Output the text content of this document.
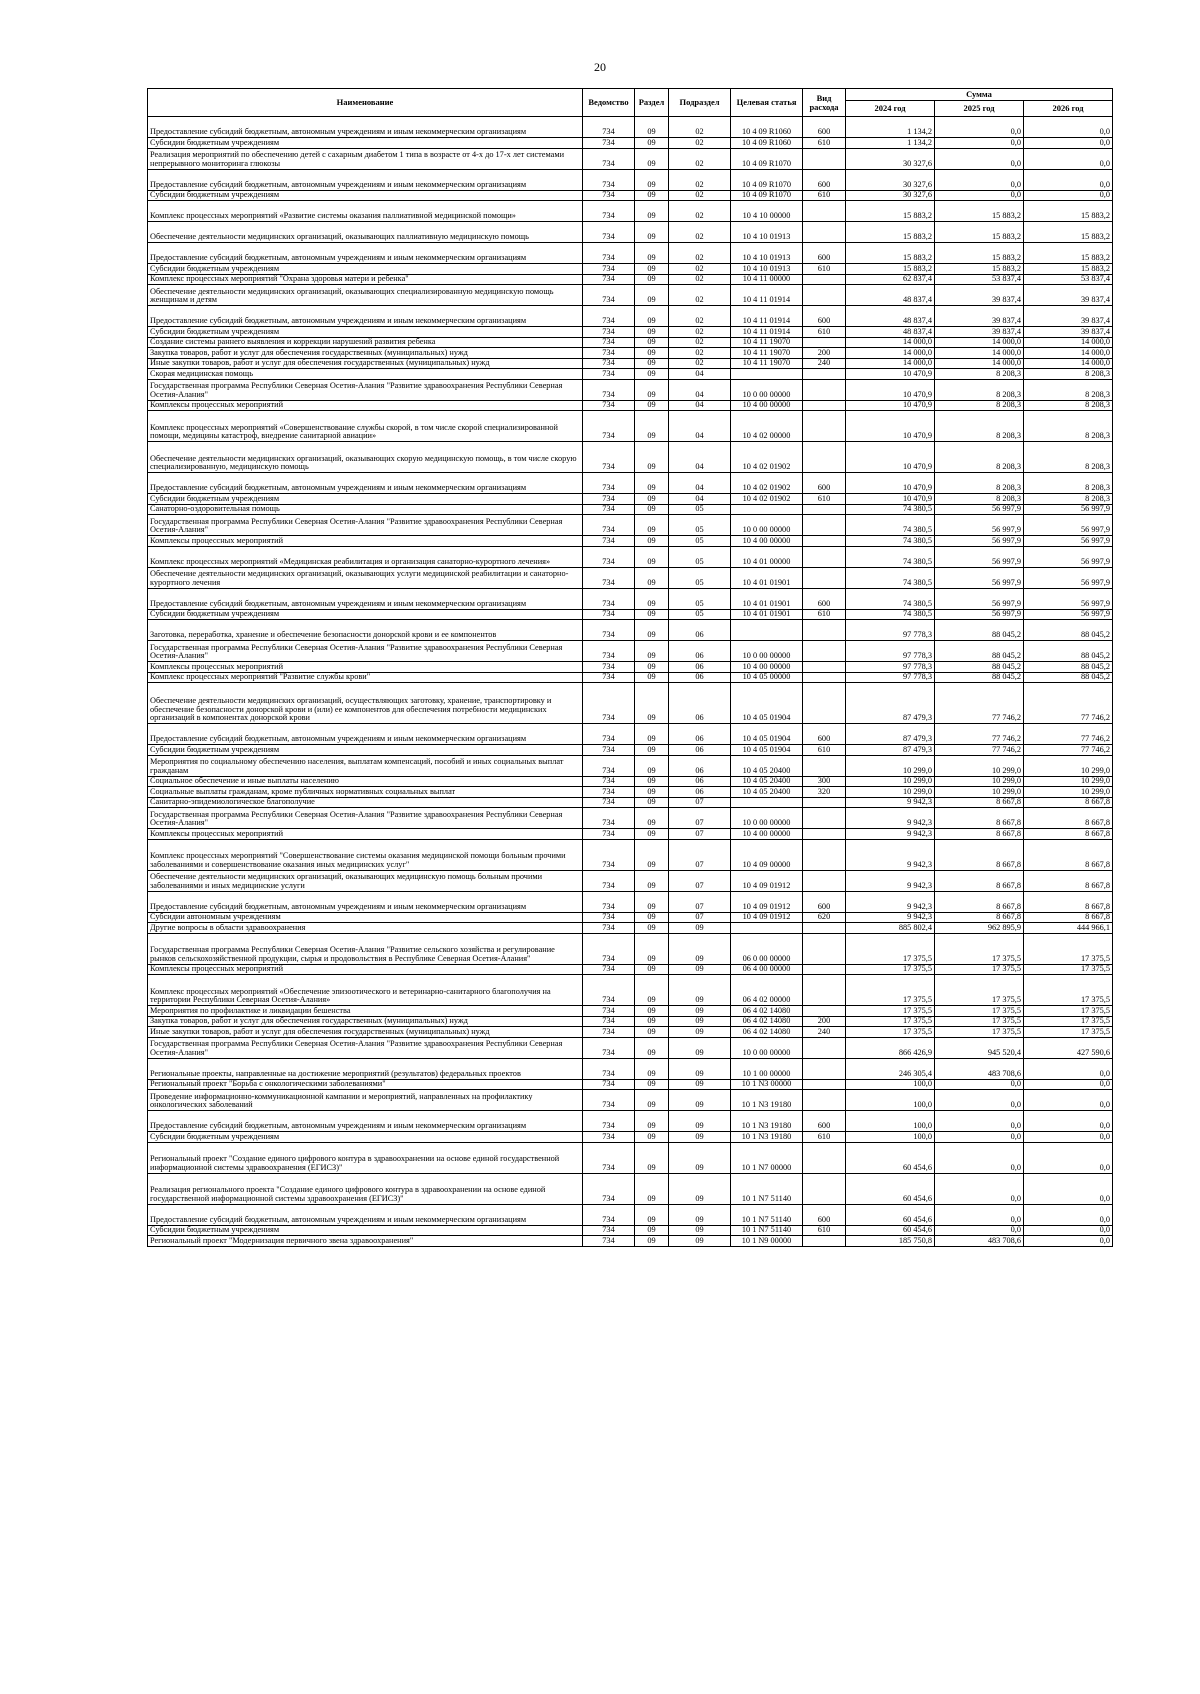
20
Наименование	Ведомство	Раздел	Подраздел	Целевая статья	Вид расхода	Сумма		
						2024 год	2025 год	2026 год
Предоставление субсидий бюджетным, автономным учреждениям и иным некоммерческим организациям	734	09	02	10 4 09 R1060	600	1 134,2	0,0	0,0
Субсидии бюджетным учреждениям	734	09	02	10 4 09 R1060	610	1 134,2	0,0	0,0
Реализация мероприятий по обеспечению детей с сахарным диабетом 1 типа в возрасте от 4-х до 17-х лет системами непрерывного мониторинга глюкозы	734	09	02	10 4 09 R1070		30 327,6	0,0	0,0
Предоставление субсидий бюджетным, автономным учреждениям и иным некоммерческим организациям	734	09	02	10 4 09 R1070	600	30 327,6	0,0	0,0
Субсидии бюджетным учреждениям	734	09	02	10 4 09 R1070	610	30 327,6	0,0	0,0
Комплекс процессных мероприятий «Развитие системы оказания паллиативной медицинской помощи»	734	09	02	10 4 10 00000		15 883,2	15 883,2	15 883,2
Обеспечение деятельности медицинских организаций, оказывающих паллиативную медицинскую помощь	734	09	02	10 4 10 01913		15 883,2	15 883,2	15 883,2
Предоставление субсидий бюджетным, автономным учреждениям и иным некоммерческим организациям	734	09	02	10 4 10 01913	600	15 883,2	15 883,2	15 883,2
Субсидии бюджетным учреждениям	734	09	02	10 4 10 01913	610	15 883,2	15 883,2	15 883,2
Комплекс процессных мероприятий "Охрана здоровья матери и ребенка"	734	09	02	10 4 11 00000		62 837,4	53 837,4	53 837,4
Обеспечение деятельности медицинских организаций, оказывающих специализированную медицинскую помощь женщинам и детям	734	09	02	10 4 11 01914		48 837,4	39 837,4	39 837,4
Предоставление субсидий бюджетным, автономным учреждениям и иным некоммерческим организациям	734	09	02	10 4 11 01914	600	48 837,4	39 837,4	39 837,4
Субсидии бюджетным учреждениям	734	09	02	10 4 11 01914	610	48 837,4	39 837,4	39 837,4
Создание системы раннего выявления и коррекции нарушений развития ребенка	734	09	02	10 4 11 19070		14 000,0	14 000,0	14 000,0
Закупка товаров, работ и услуг для обеспечения государственных (муниципальных) нужд	734	09	02	10 4 11 19070	200	14 000,0	14 000,0	14 000,0
Иные закупки товаров, работ и услуг для обеспечения государственных (муниципальных) нужд	734	09	02	10 4 11 19070	240	14 000,0	14 000,0	14 000,0
Скорая медицинская помощь	734	09	04			10 470,9	8 208,3	8 208,3
Государственная программа Республики Северная Осетия-Алания "Развитие здравоохранения Республики Северная Осетия-Алания"	734	09	04	10 0 00 00000		10 470,9	8 208,3	8 208,3
Комплексы процессных мероприятий	734	09	04	10 4 00 00000		10 470,9	8 208,3	8 208,3
Комплекс процессных мероприятий «Совершенствование службы скорой, в том числе скорой специализированной помощи, медицины катастроф, внедрение санитарной авиации»	734	09	04	10 4 02 00000		10 470,9	8 208,3	8 208,3
Обеспечение деятельности медицинских организаций, оказывающих скорую медицинскую помощь, в том числе скорую специализированную, медицинскую помощь	734	09	04	10 4 02 01902		10 470,9	8 208,3	8 208,3
Предоставление субсидий бюджетным, автономным учреждениям и иным некоммерческим организациям	734	09	04	10 4 02 01902	600	10 470,9	8 208,3	8 208,3
Субсидии бюджетным учреждениям	734	09	04	10 4 02 01902	610	10 470,9	8 208,3	8 208,3
Санаторно-оздоровительная помощь	734	09	05			74 380,5	56 997,9	56 997,9
Государственная программа Республики Северная Осетия-Алания "Развитие здравоохранения Республики Северная Осетия-Алания"	734	09	05	10 0 00 00000		74 380,5	56 997,9	56 997,9
Комплексы процессных мероприятий	734	09	05	10 4 00 00000		74 380,5	56 997,9	56 997,9
Комплекс процессных мероприятий «Медицинская реабилитация и организация санаторно-курортного лечения»	734	09	05	10 4 01 00000		74 380,5	56 997,9	56 997,9
Обеспечение деятельности медицинских организаций, оказывающих услуги медицинской реабилитации и санаторно-курортного лечения	734	09	05	10 4 01 01901		74 380,5	56 997,9	56 997,9
Предоставление субсидий бюджетным, автономным учреждениям и иным некоммерческим организациям	734	09	05	10 4 01 01901	600	74 380,5	56 997,9	56 997,9
Субсидии бюджетным учреждениям	734	09	05	10 4 01 01901	610	74 380,5	56 997,9	56 997,9
Заготовка, переработка, хранение и обеспечение безопасности донорской крови и ее компонентов	734	09	06			97 778,3	88 045,2	88 045,2
Государственная программа Республики Северная Осетия-Алания "Развитие здравоохранения Республики Северная Осетия-Алания"	734	09	06	10 0 00 00000		97 778,3	88 045,2	88 045,2
Комплексы процессных мероприятий	734	09	06	10 4 00 00000		97 778,3	88 045,2	88 045,2
Комплекс процессных мероприятий "Развитие службы крови"	734	09	06	10 4 05 00000		97 778,3	88 045,2	88 045,2
Обеспечение деятельности медицинских организаций, осуществляющих заготовку, хранение, транспортировку и обеспечение безопасности донорской крови и (или) ее компонентов для обеспечения потребности медицинских организаций в компонентах донорской крови	734	09	06	10 4 05 01904		87 479,3	77 746,2	77 746,2
Предоставление субсидий бюджетным, автономным учреждениям и иным некоммерческим организациям	734	09	06	10 4 05 01904	600	87 479,3	77 746,2	77 746,2
Субсидии бюджетным учреждениям	734	09	06	10 4 05 01904	610	87 479,3	77 746,2	77 746,2
Мероприятия по социальному обеспечению населения, выплатам компенсаций, пособий и иных социальных выплат гражданам	734	09	06	10 4 05 20400		10 299,0	10 299,0	10 299,0
Социальное обеспечение и иные выплаты населению	734	09	06	10 4 05 20400	300	10 299,0	10 299,0	10 299,0
Социальные выплаты гражданам, кроме публичных нормативных социальных выплат	734	09	06	10 4 05 20400	320	10 299,0	10 299,0	10 299,0
Санитарно-эпидемиологическое благополучие	734	09	07			9 942,3	8 667,8	8 667,8
Государственная программа Республики Северная Осетия-Алания "Развитие здравоохранения Республики Северная Осетия-Алания"	734	09	07	10 0 00 00000		9 942,3	8 667,8	8 667,8
Комплексы процессных мероприятий	734	09	07	10 4 00 00000		9 942,3	8 667,8	8 667,8
Комплекс процессных мероприятий "Совершенствование системы оказания медицинской помощи больным прочими заболеваниями и совершенствование оказания иных медицинских услуг"	734	09	07	10 4 09 00000		9 942,3	8 667,8	8 667,8
Обеспечение деятельности медицинских организаций, оказывающих медицинскую помощь больным прочими заболеваниями и иных медицинские услуги	734	09	07	10 4 09 01912		9 942,3	8 667,8	8 667,8
Предоставление субсидий бюджетным, автономным учреждениям и иным некоммерческим организациям	734	09	07	10 4 09 01912	600	9 942,3	8 667,8	8 667,8
Субсидии автономным учреждениям	734	09	07	10 4 09 01912	620	9 942,3	8 667,8	8 667,8
Другие вопросы в области здравоохранения	734	09	09			885 802,4	962 895,9	444 966,1
Государственная программа Республики Северная Осетия-Алания "Развитие сельского хозяйства и регулирование рынков сельскохозяйственной продукции, сырья и продовольствия в Республике Северная Осетия-Алания"	734	09	09	06 0 00 00000		17 375,5	17 375,5	17 375,5
Комплексы процессных мероприятий	734	09	09	06 4 00 00000		17 375,5	17 375,5	17 375,5
Комплекс процессных мероприятий «Обеспечение эпизоотического и ветеринарно-санитарного благополучия на территории Республики Северная Осетия-Алания»	734	09	09	06 4 02 00000		17 375,5	17 375,5	17 375,5
Мероприятия по профилактике и ликвидации бешенства	734	09	09	06 4 02 14080		17 375,5	17 375,5	17 375,5
Закупка товаров, работ и услуг для обеспечения государственных (муниципальных) нужд	734	09	09	06 4 02 14080	200	17 375,5	17 375,5	17 375,5
Иные закупки товаров, работ и услуг для обеспечения государственных (муниципальных) нужд	734	09	09	06 4 02 14080	240	17 375,5	17 375,5	17 375,5
Государственная программа Республики Северная Осетия-Алания "Развитие здравоохранения Республики Северная Осетия-Алания"	734	09	09	10 0 00 00000		866 426,9	945 520,4	427 590,6
Региональные проекты, направленные на достижение мероприятий (результатов) федеральных проектов	734	09	09	10 1 00 00000		246 305,4	483 708,6	0,0
Региональный проект "Борьба с онкологическими заболеваниями"	734	09	09	10 1 N3 00000		100,0	0,0	0,0
Проведение информационно-коммуникационной кампании и мероприятий, направленных на профилактику онкологических заболеваний	734	09	09	10 1 N3 19180		100,0	0,0	0,0
Предоставление субсидий бюджетным, автономным учреждениям и иным некоммерческим организациям	734	09	09	10 1 N3 19180	600	100,0	0,0	0,0
Субсидии бюджетным учреждениям	734	09	09	10 1 N3 19180	610	100,0	0,0	0,0
Региональный проект "Создание единого цифрового контура в здравоохранении на основе единой государственной информационной системы здравоохранения (ЕГИСЗ)"	734	09	09	10 1 N7 00000		60 454,6	0,0	0,0
Реализация регионального проекта "Создание единого цифрового контура в здравоохранении на основе единой государственной информационной системы здравоохранения (ЕГИСЗ)"	734	09	09	10 1 N7 51140		60 454,6	0,0	0,0
Предоставление субсидий бюджетным, автономным учреждениям и иным некоммерческим организациям	734	09	09	10 1 N7 51140	600	60 454,6	0,0	0,0
Субсидии бюджетным учреждениям	734	09	09	10 1 N7 51140	610	60 454,6	0,0	0,0
Региональный проект "Модернизация первичного звена здравоохранения"	734	09	09	10 1 N9 00000		185 750,8	483 708,6	0,0
